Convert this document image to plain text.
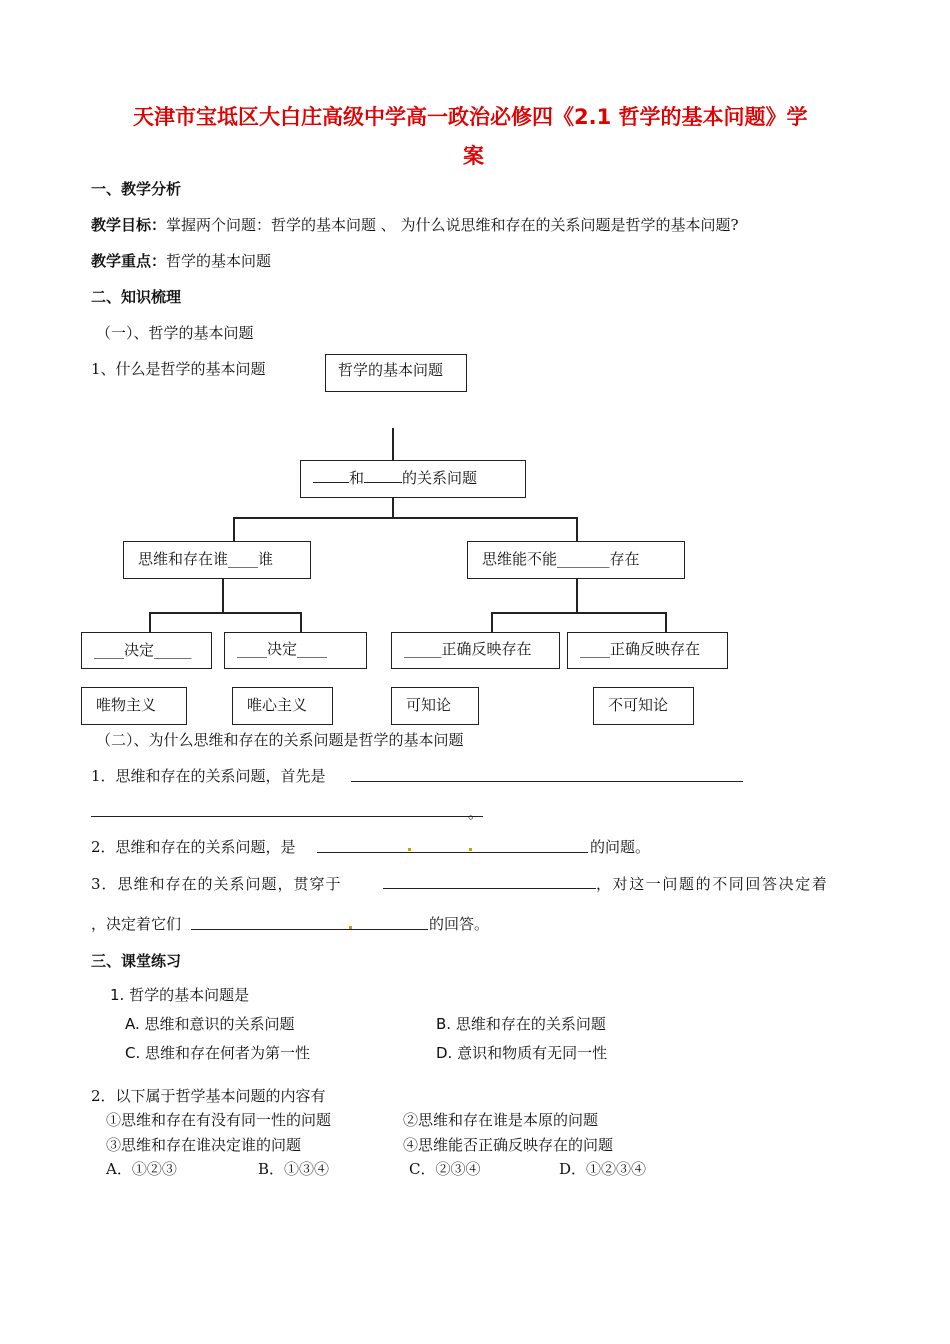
天津市宝坻区大白庄高级中学高一政治必修四《2.1 哲学的基本问题》学
案
一、教学分析
教学目标：掌握两个问题：哲学的基本问题 、 为什么说思维和存在的关系问题是哲学的基本问题?
教学重点：哲学的基本问题
二、知识梳理
（一）、哲学的基本问题
1、什么是哲学的基本问题	哲学的基本问题
和	的关系问题
思维和存在谁____谁	思维能不能_______存在
____决定_____	____决定____	_____正确反映存在	____正确反映存在
唯物主义	唯心主义	可知论	不可知论
（二）、为什么思维和存在的关系问题是哲学的基本问题
1．思维和存在的关系问题，首先是
。
2．思维和存在的关系问题，是	的问题。
3．思维和存在的关系问题，贯穿于	，对这一问题的不同回答决定着
，决定着它们	的回答。
三、课堂练习
1. 哲学的基本问题是
A. 思维和意识的关系问题	B. 思维和存在的关系问题
C. 思维和存在何者为第一性	D. 意识和物质有无同一性
2．以下属于哲学基本问题的内容有
①思维和存在有没有同一性的问题	②思维和存在谁是本原的问题
③思维和存在谁决定谁的问题	④思维能否正确反映存在的问题
A．①②③	B．①③④	C．②③④	D．①②③④
